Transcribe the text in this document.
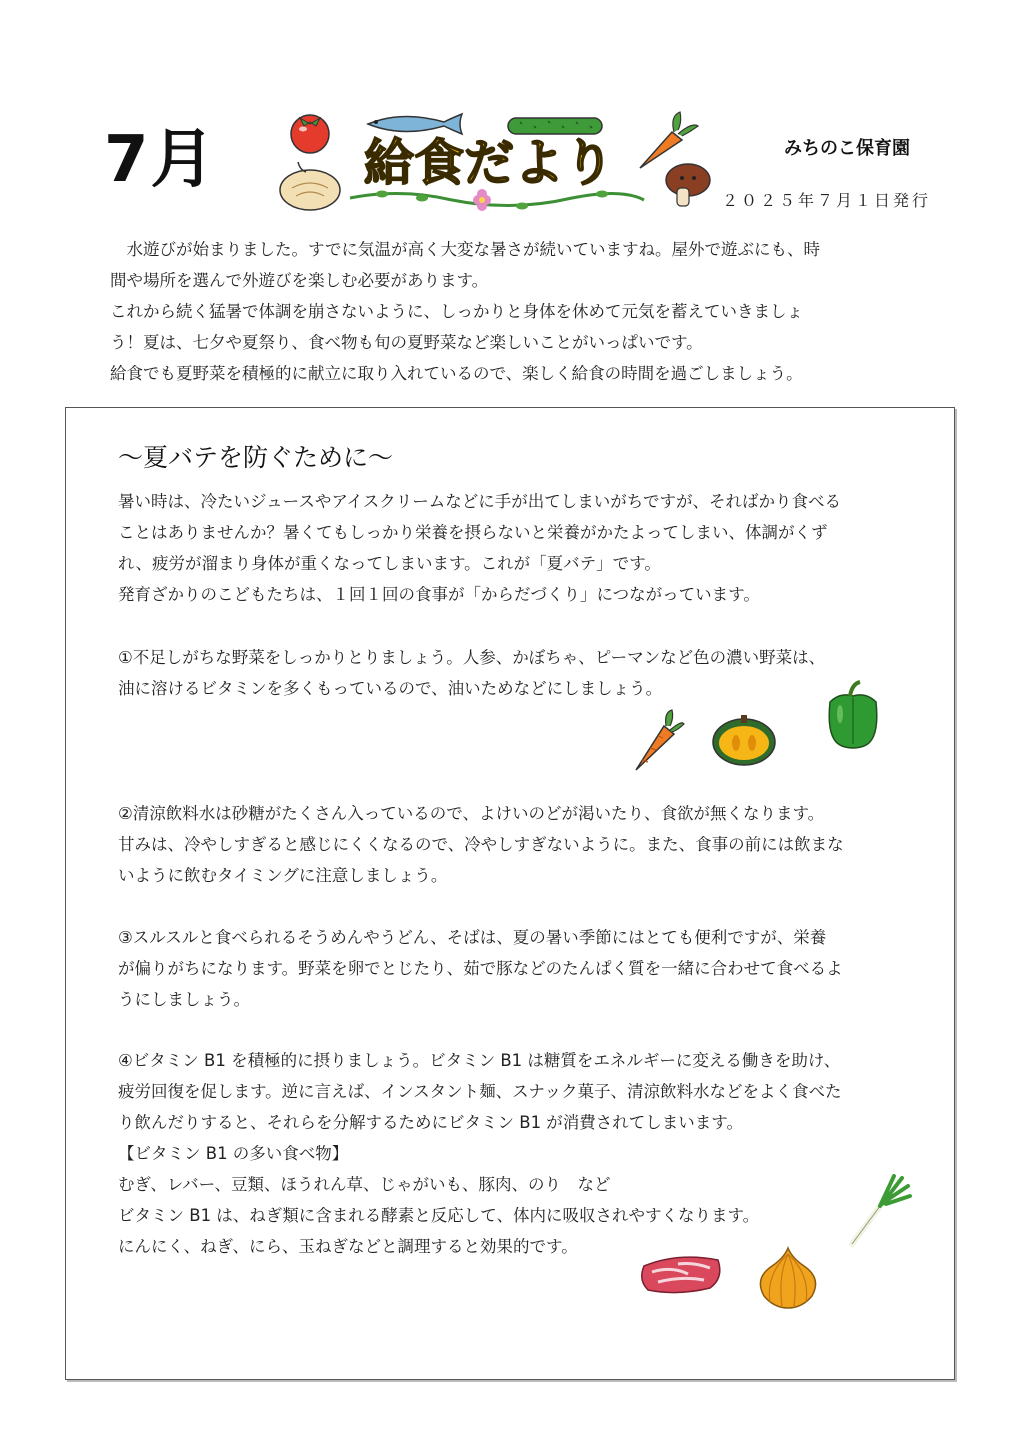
7月	給食だより	みちのこ保育園
２０２５年７月１日発行

　水遊びが始まりました。すでに気温が高く大変な暑さが続いていますね。屋外で遊ぶにも、時

間や場所を選んで外遊びを楽しむ必要があります。

これから続く猛暑で体調を崩さないように、しっかりと身体を休めて元気を蓄えていきましょ

う！夏は、七夕や夏祭り、食べ物も旬の夏野菜など楽しいことがいっぱいです。

給食でも夏野菜を積極的に献立に取り入れているので、楽しく給食の時間を過ごしましょう。

～夏バテを防ぐために～

暑い時は、冷たいジュースやアイスクリームなどに手が出てしまいがちですが、そればかり食べる

ことはありませんか？暑くてもしっかり栄養を摂らないと栄養がかたよってしまい、体調がくず

れ、疲労が溜まり身体が重くなってしまいます。これが「夏バテ」です。

発育ざかりのこどもたちは、１回１回の食事が「からだづくり」につながっています。

①不足しがちな野菜をしっかりとりましょう。人参、かぼちゃ、ピーマンなど色の濃い野菜は、

油に溶けるビタミンを多くもっているので、油いためなどにしましょう。

②清涼飲料水は砂糖がたくさん入っているので、よけいのどが渇いたり、食欲が無くなります。

甘みは、冷やしすぎると感じにくくなるので、冷やしすぎないように。また、食事の前には飲まな

いように飲むタイミングに注意しましょう。

③スルスルと食べられるそうめんやうどん、そばは、夏の暑い季節にはとても便利ですが、栄養

が偏りがちになります。野菜を卵でとじたり、茹で豚などのたんぱく質を一緒に合わせて食べるよ

うにしましょう。

④ビタミン B1 を積極的に摂りましょう。ビタミン B1 は糖質をエネルギーに変える働きを助け、

疲労回復を促します。逆に言えば、インスタント麺、スナック菓子、清涼飲料水などをよく食べた

り飲んだりすると、それらを分解するためにビタミン B1 が消費されてしまいます。

【ビタミン B1 の多い食べ物】

むぎ、レバー、豆類、ほうれん草、じゃがいも、豚肉、のり　など

ビタミン B1 は、ねぎ類に含まれる酵素と反応して、体内に吸収されやすくなります。

にんにく、ねぎ、にら、玉ねぎなどと調理すると効果的です。
